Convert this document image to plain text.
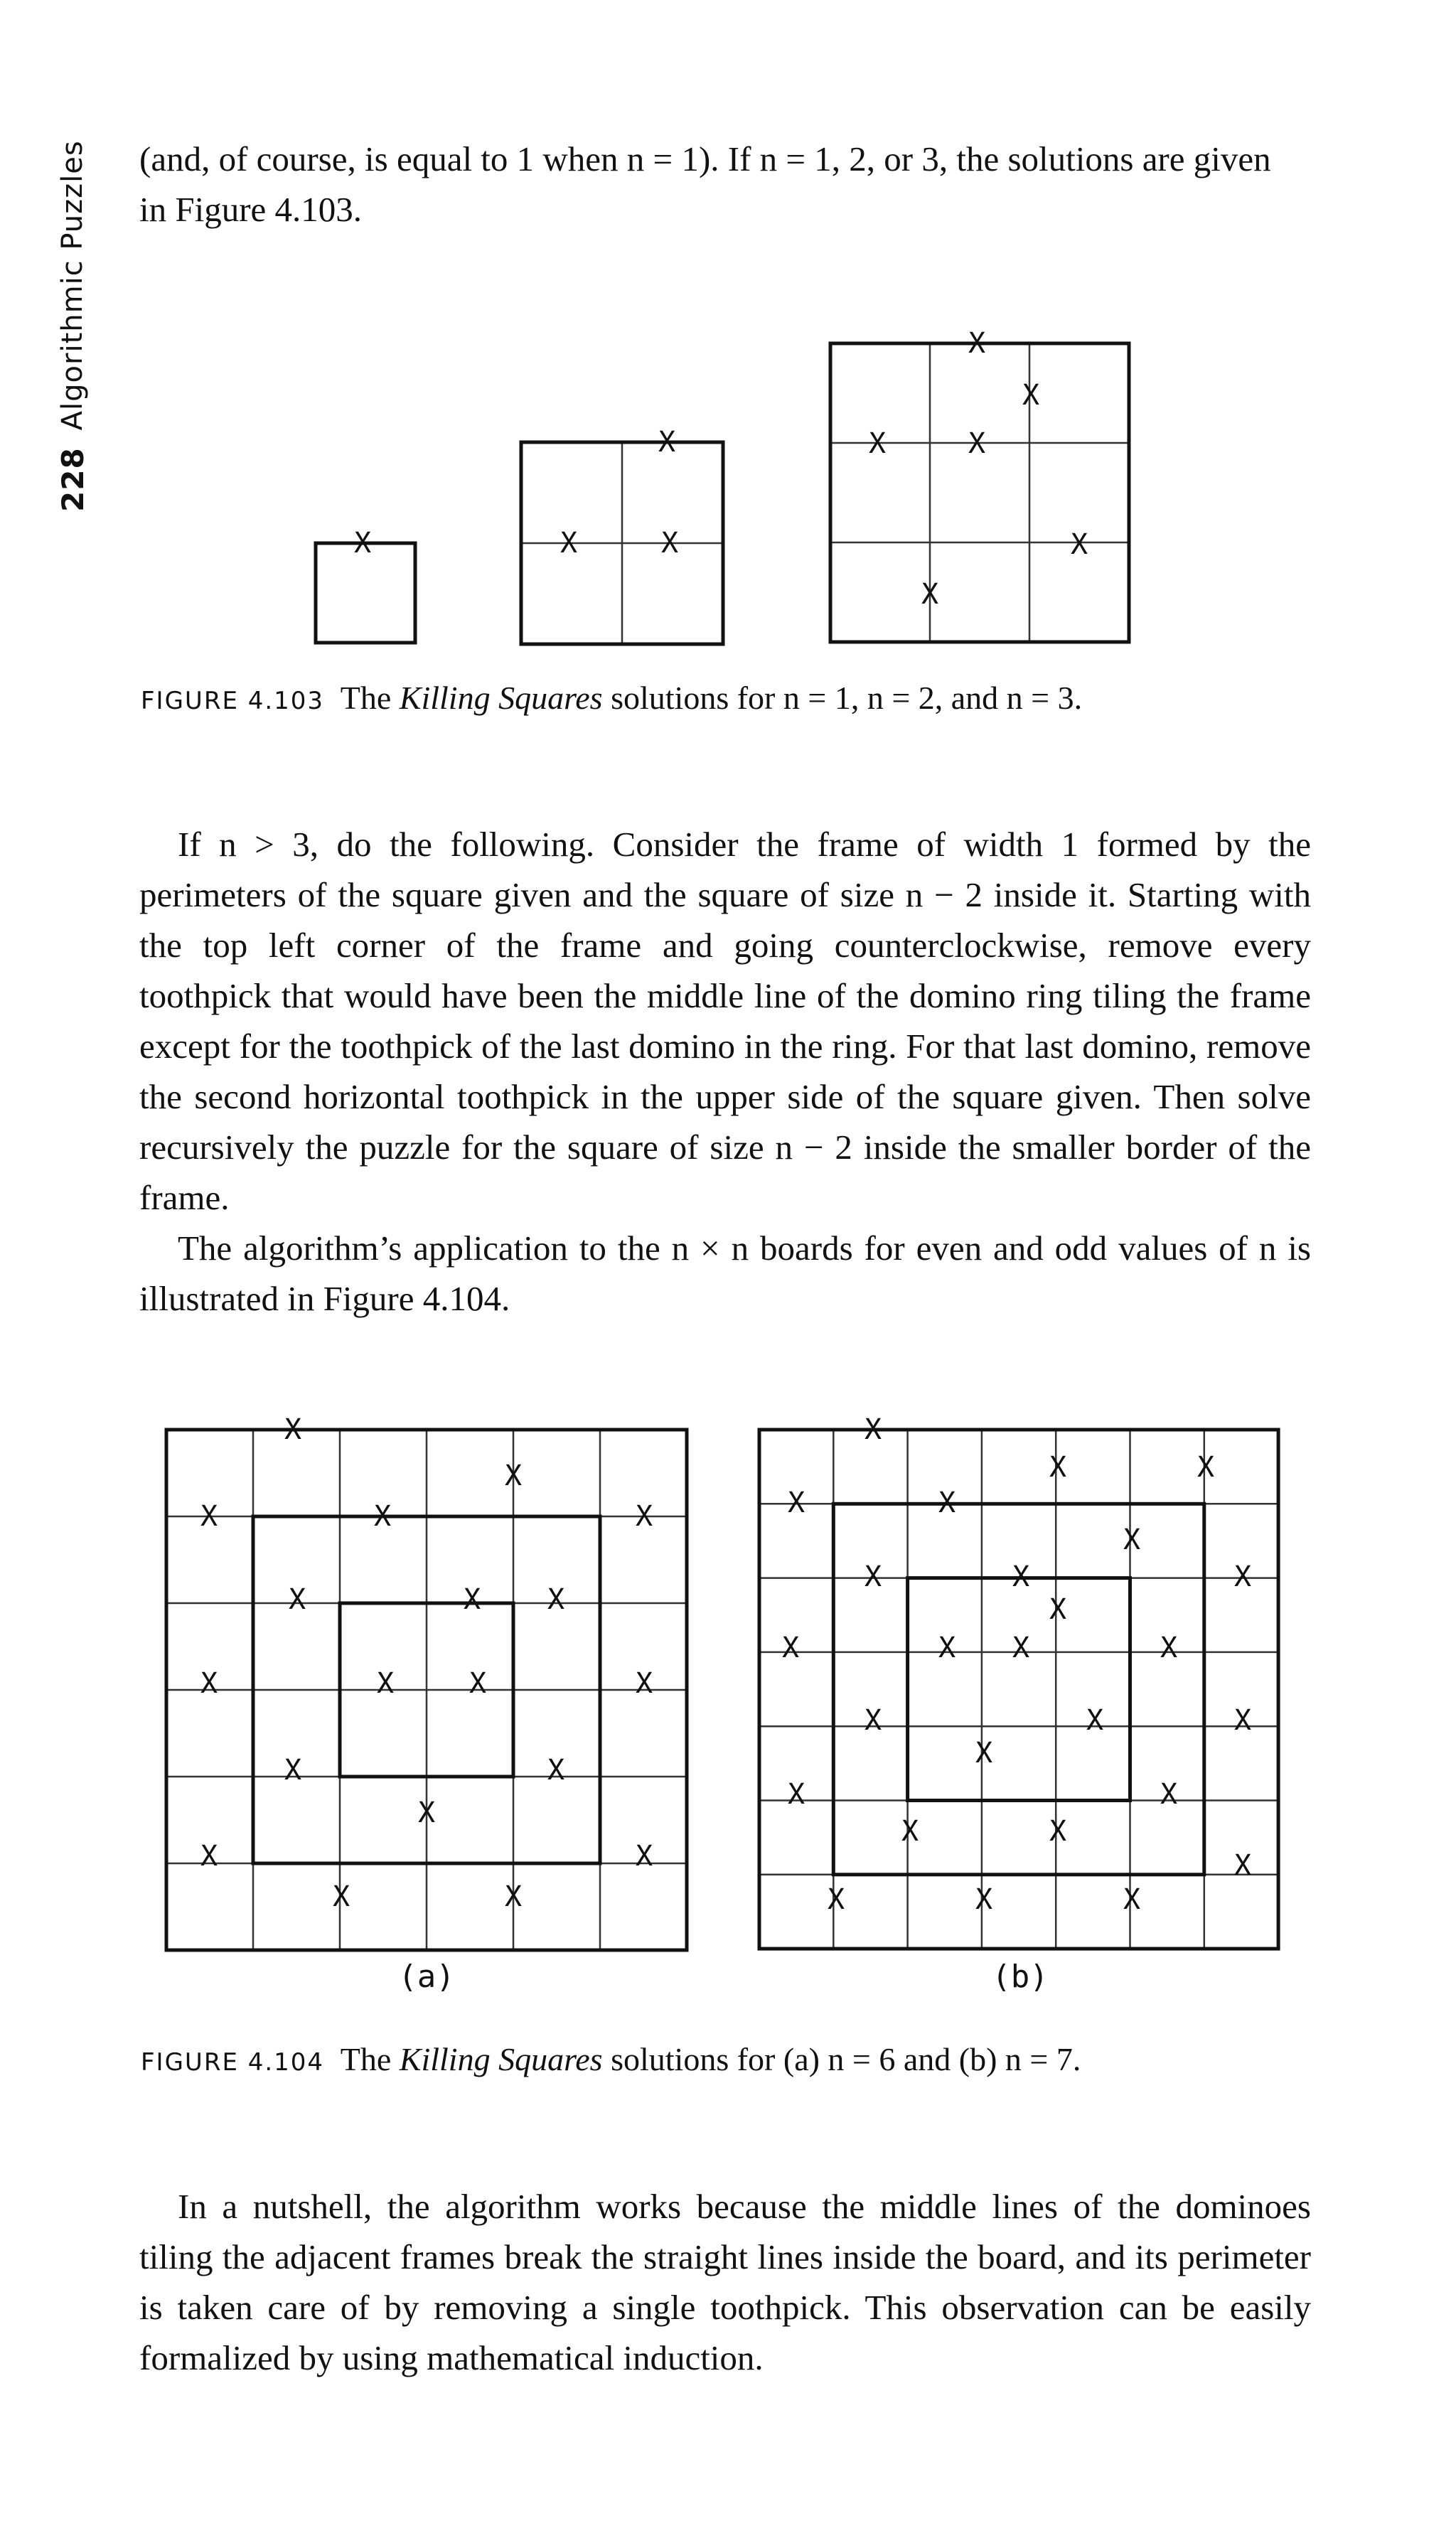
228
Algorithmic Puzzles (and, of course, is equal to 1 when n = 1). If n = 1, 2, or 3, the solutions are given
in Figure 4.103.
X
X
X	X
X
X
X	X
X
X
X
X
X	X	X
X	X X
X	X	X	X
X	X
X
X	X
X	X
X
X	X
X	X
X
X	X	X
X
X	X X	X
X	X	X
X
X	X
X	X
X
X	X	X
(a)	(b)
FIGURE 4.103 The Killing Squares solutions for n = 1, n = 2, and n = 3.

If n > 3, do the following. Consider the frame of width 1 formed by the perimeters of the square given and the square of size n − 2 inside it. Starting with the top left corner of the frame and going counterclockwise, remove every toothpick that would have been the middle line of the domino ring tiling the frame except for the toothpick of the last domino in the ring. For that last domino, remove the second horizontal toothpick in the upper side of the square given. Then solve recursively the puzzle for the square of size n − 2 inside the smaller border of the frame.

The algorithm’s application to the n × n boards for even and odd values of n is illustrated in Figure 4.104.

FIGURE 4.104 The Killing Squares solutions for (a) n = 6 and (b) n = 7.

In a nutshell, the algorithm works because the middle lines of the dominoes tiling the adjacent frames break the straight lines inside the board, and its perimeter is taken care of by removing a single toothpick. This observation can be easily formalized by using mathematical induction.
